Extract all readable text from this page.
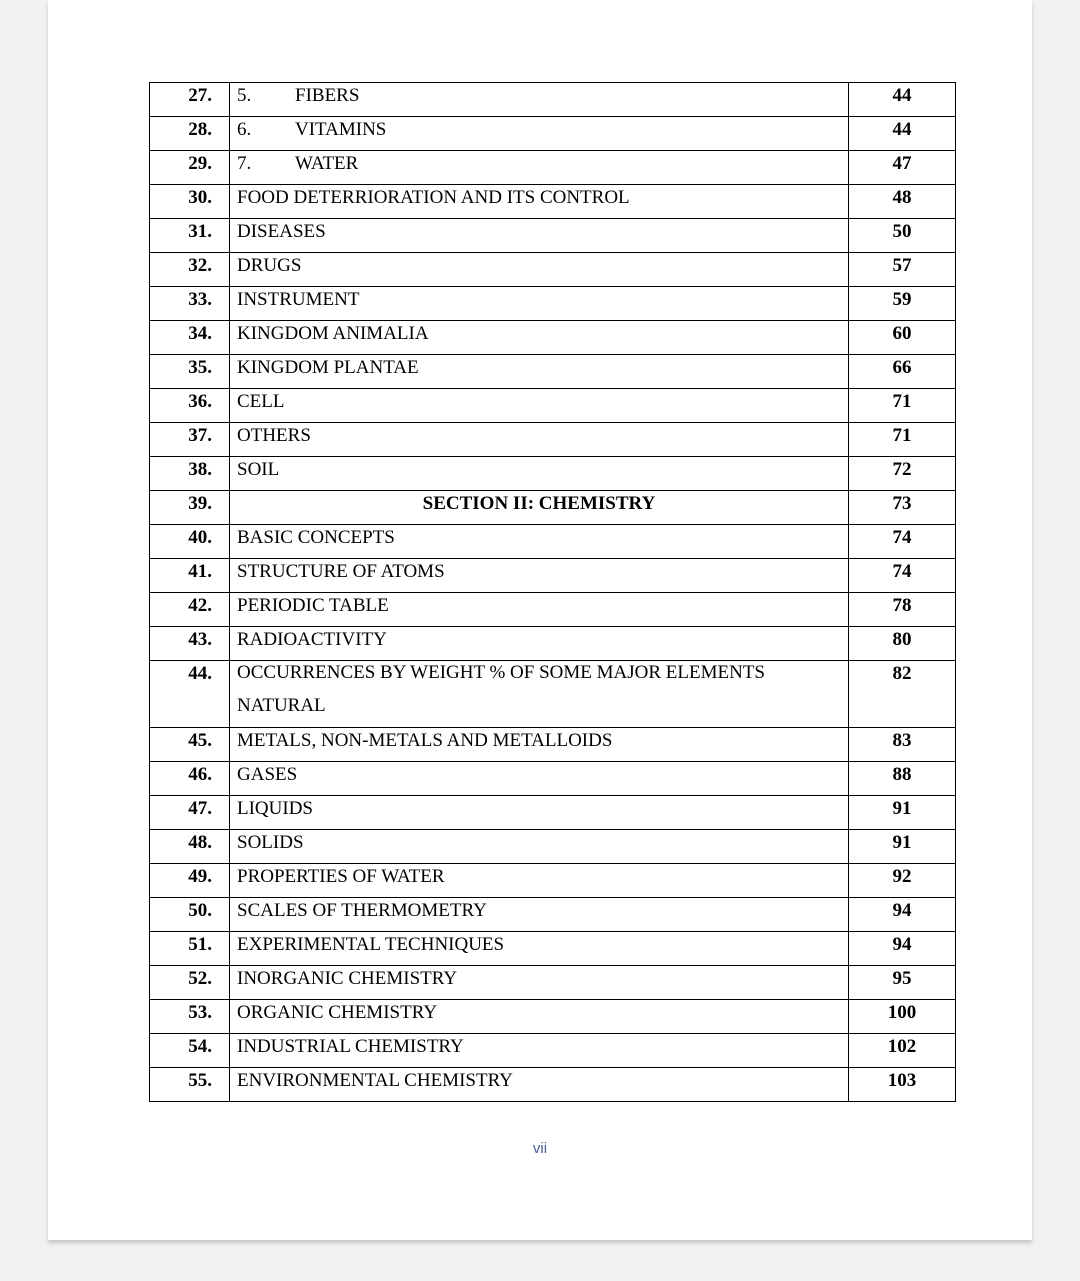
27.	5. FIBERS	44

28.	6. VITAMINS	44

29.	7. WATER	47

30.	FOOD DETERRIORATION AND ITS CONTROL	48

31.	DISEASES	50

32.	DRUGS	57

33.	INSTRUMENT	59

34.	KINGDOM ANIMALIA	60

35.	KINGDOM PLANTAE	66

36.	CELL	71

37.	OTHERS	71

38.	SOIL	72

39.	SECTION II: CHEMISTRY	73

40.	BASIC CONCEPTS	74

41.	STRUCTURE OF ATOMS	74

42.	PERIODIC TABLE	78

43.	RADIOACTIVITY	80

44.	OCCURRENCES BY WEIGHT % OF SOME MAJOR ELEMENTS NATURAL	82

45.	METALS, NON-METALS AND METALLOIDS	83

46.	GASES	88

47.	LIQUIDS	91

48.	SOLIDS	91

49.	PROPERTIES OF WATER	92

50.	SCALES OF THERMOMETRY	94

51.	EXPERIMENTAL TECHNIQUES	94

52.	INORGANIC CHEMISTRY	95

53.	ORGANIC CHEMISTRY	100

54.	INDUSTRIAL CHEMISTRY	102

55.	ENVIRONMENTAL CHEMISTRY	103
vii
